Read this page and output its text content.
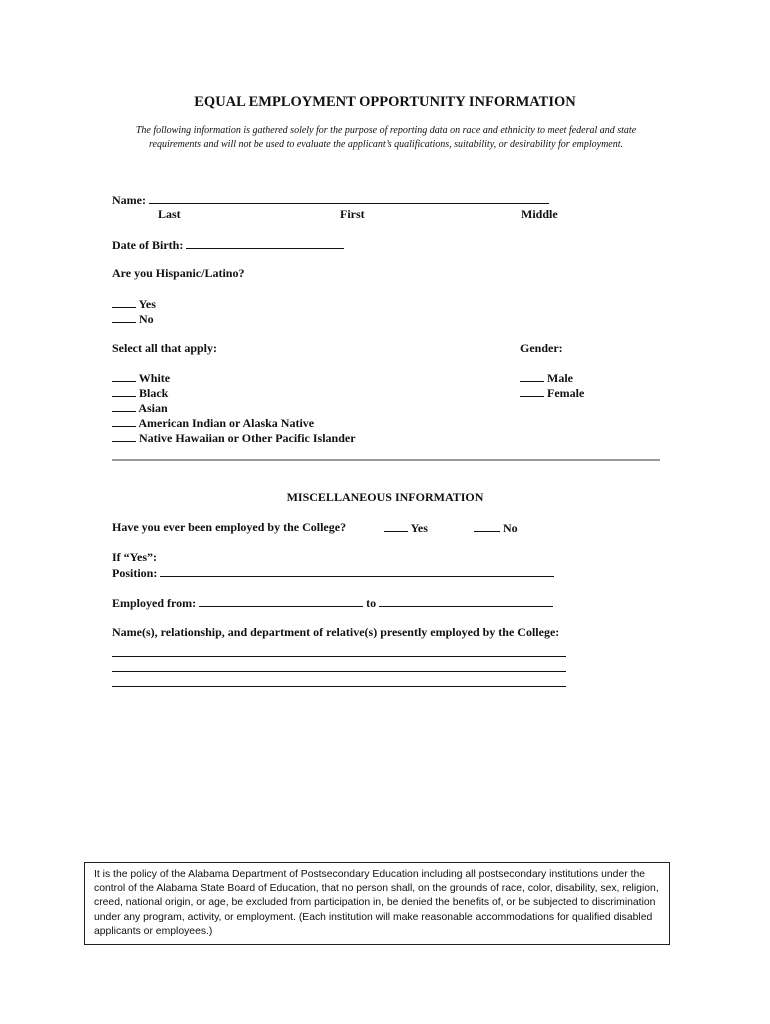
EQUAL EMPLOYMENT OPPORTUNITY INFORMATION
The following information is gathered solely for the purpose of reporting data on race and ethnicity to meet federal and state requirements and will not be used to evaluate the applicant’s qualifications, suitability, or desirability for employment.
Name:
Last	First	Middle
Date of Birth:
Are you Hispanic/Latino?
Yes
No
Select all that apply:
White
Black
Asian
American Indian or Alaska Native
Native Hawaiian or Other Pacific Islander
Gender:
Male
Female
MISCELLANEOUS INFORMATION
Have you ever been employed by the College?	Yes	No
If “Yes”:
Position:
Employed from:	to
Name(s), relationship, and department of relative(s) presently employed by the College:
It is the policy of the Alabama Department of Postsecondary Education including all postsecondary institutions under the control of the Alabama State Board of Education, that no person shall, on the grounds of race, color, disability, sex, religion, creed, national origin, or age, be excluded from participation in, be denied the benefits of, or be subjected to discrimination under any program, activity, or employment. (Each institution will make reasonable accommodations for qualified disabled applicants or employees.)
